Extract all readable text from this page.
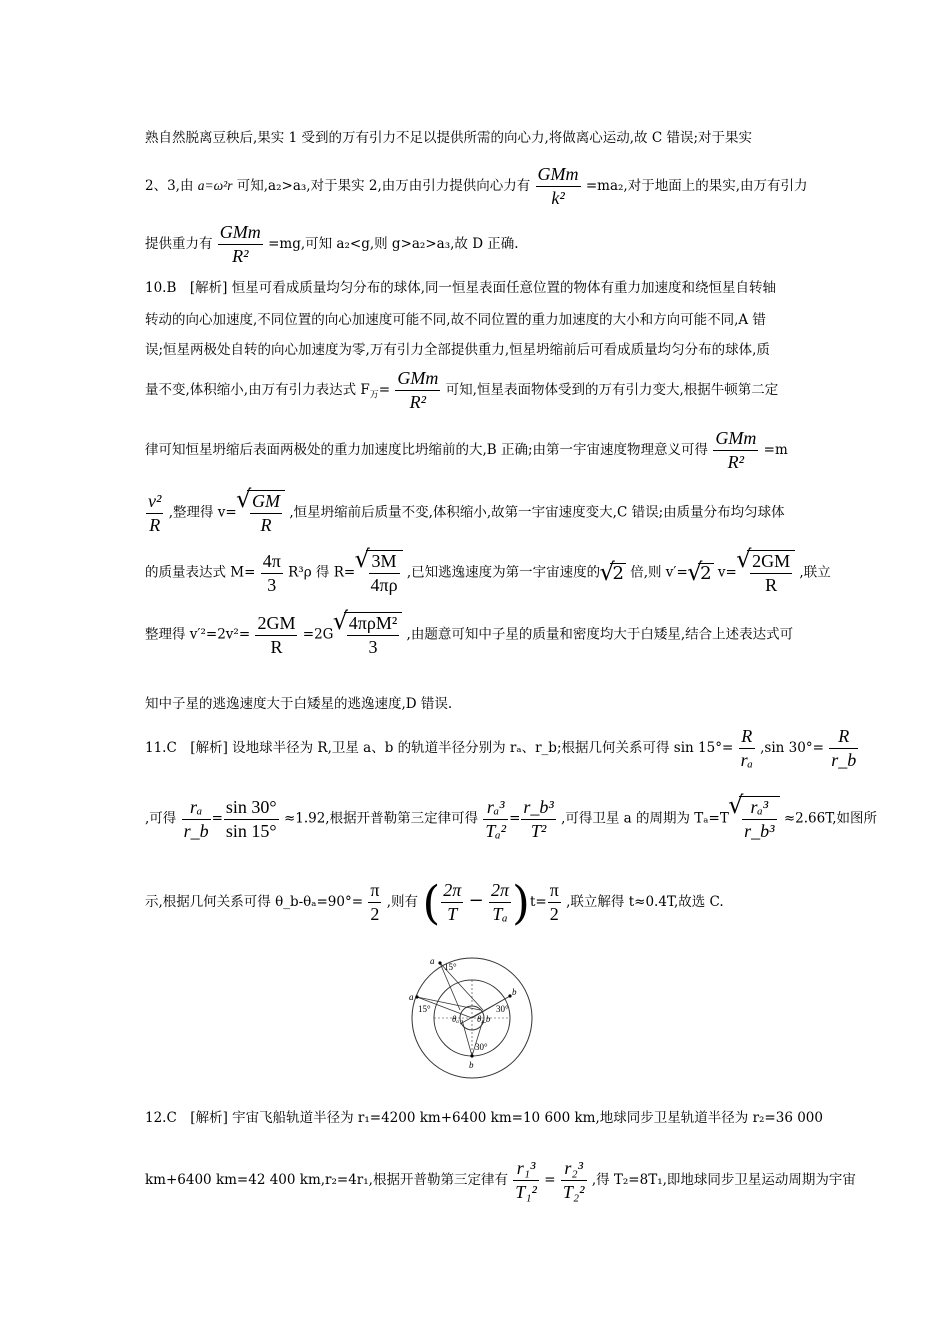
熟自然脱离豆秧后,果实 1 受到的万有引力不足以提供所需的向心力,将做离心运动,故 C 错误;对于果实
2、3,由 a=ω²r 可知,a₂>a₃,对于果实 2,由万由引力提供向心力有 $\frac{\text{GMm}}{\text{k²}} =ma_2$,对于地面上的果实,由万有引力
提供重力有 $\frac{\text{GMm}}{\text{R²}} =mg$,可知 a₂<g,则 g>a₂>a₃,故 D 正确.
10.B　[解析] 恒星可看成质量均匀分布的球体,同一恒星表面任意位置的物体有重力加速度和绕恒星自转轴
转动的向心加速度,不同位置的向心加速度可能不同,故不同位置的重力加速度的大小和方向可能不同,A 错
误;恒星两极处自转的向心加速度为零,万有引力全部提供重力,恒星坍缩前后可看成质量均匀分布的球体,质
量不变,体积缩小,由万有引力表达式 $F_万= \frac{\text{GMm}}{\text{R²}}$ 可知,恒星表面物体受到的万有引力变大,根据牛顿第二定
律可知恒星坍缩后表面两极处的重力加速度比坍缩前的大,B 正确;由第一宇宙速度物理意义可得 $\frac{\text{GMm}}{\text{R²}} =m$
$\frac{\text{v²}}{R}$ ,整理得 v= √ $\frac{GM}{R}$ ,恒星坍缩前后质量不变,体积缩小,故第一宇宙速度变大,C 错误;由质量分布均匀球体
的质量表达式 $M= \frac{4\pi}{3} R^3\rho$ 得 R= √ $\frac{3M}{4\pi\rho}$ ,已知逃逸速度为第一宇宙速度的 √ 2 倍,则 v′= √ 2 v= √ $\frac{2GM}{R}$ ,联立
整理得 $v'^2=2v^2= \frac{2GM}{R} =2G$ √ $\frac{\text{4πρM²}}{3}$ ,由题意可知中子星的质量和密度均大于白矮星,结合上述表达式可
知中子星的逃逸速度大于白矮星的逃逸速度,D 错误.
11.C　[解析] 设地球半径为 R,卫星 a、b 的轨道半径分别为 rₐ、r_b;根据几何关系可得 $\sin 15^\circ= \frac{R}{\text{rₐ}} ,\sin$ $30^\circ= \frac{R}{r\_b}$
,可得 $\frac{\text{rₐ}}{r\_b} = \frac{\sin 30^\circ}{\sin 15^\circ} \approx 1.92$,根据开普勒第三定律可得 $\frac{\text{rₐ³}}{\text{Tₐ²}} = \frac{\text{r\_b³}}{\text{T²}}$ ,可得卫星 a 的周期为 Tₐ=T √ $\frac{\text{rₐ³}}{\text{r\_b³}} \approx 2.66T$,如图所
示,根据几何关系可得 θ_b-θₐ=90°= $\frac{\pi}{2}$ ,则有 ( $\frac{2\pi}{T} - \frac{2\pi}{\text{Tₐ}} )t= \frac{\pi}{2}$ ,联立解得 t≈0.4T,故选 C.
a
a	b
b
15°
15°	30°
30°
θₐ θ_b
12.C　[解析] 宇宙飞船轨道半径为 r₁=4200 km+6400 km=10 600 km,地球同步卫星轨道半径为 r₂=36 000
km+6400 km=42 400 km,r₂=4r₁,根据开普勒第三定律有 $\frac{\text{r₁³}}{\text{T₁²}} = \frac{\text{r₂³}}{\text{T₂²}}$ ,得 T₂=8T₁,即地球同步卫星运动周期为宇宙
